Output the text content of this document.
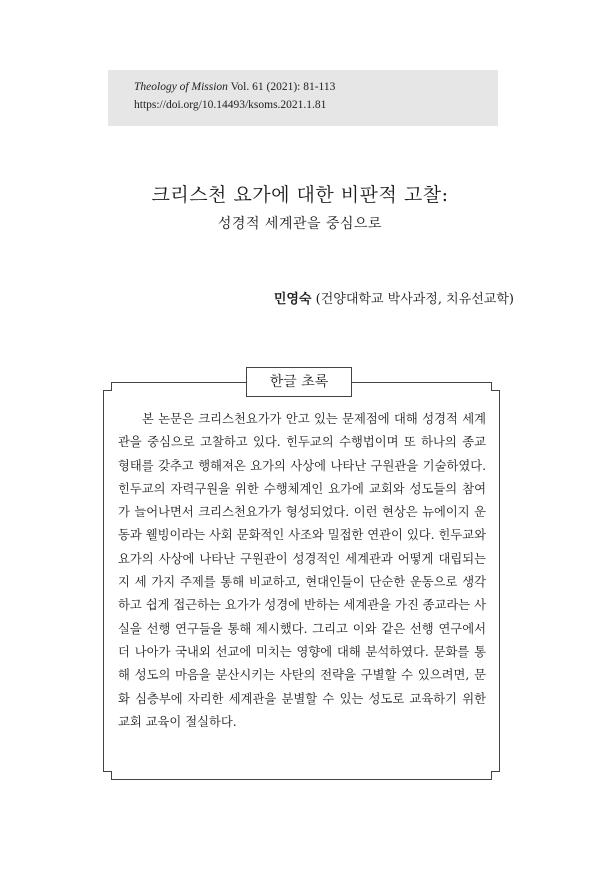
Theology of Mission Vol. 61 (2021): 81-113
https://doi.org/10.14493/ksoms.2021.1.81
크리스천 요가에 대한 비판적 고찰:
성경적 세계관을 중심으로
민영숙 (건양대학교 박사과정, 치유선교학)
한글 초록

본 논문은 크리스천요가가 안고 있는 문제점에 대해 성경적 세계관을 중심으로 고찰하고 있다. 힌두교의 수행법이며 또 하나의 종교 형태를 갖추고 행해져온 요가의 사상에 나타난 구원관을 기술하였다. 힌두교의 자력구원을 위한 수행체계인 요가에 교회와 성도들의 참여가 늘어나면서 크리스천요가가 형성되었다. 이런 현상은 뉴에이지 운동과 웰빙이라는 사회 문화적인 사조와 밀접한 연관이 있다. 힌두교와 요가의 사상에 나타난 구원관이 성경적인 세계관과 어떻게 대립되는지 세 가지 주제를 통해 비교하고, 현대인들이 단순한 운동으로 생각하고 쉽게 접근하는 요가가 성경에 반하는 세계관을 가진 종교라는 사실을 선행 연구들을 통해 제시했다. 그리고 이와 같은 선행 연구에서 더 나아가 국내외 선교에 미치는 영향에 대해 분석하였다. 문화를 통해 성도의 마음을 분산시키는 사탄의 전략을 구별할 수 있으려면, 문화 심층부에 자리한 세계관을 분별할 수 있는 성도로 교육하기 위한 교회 교육이 절실하다.
